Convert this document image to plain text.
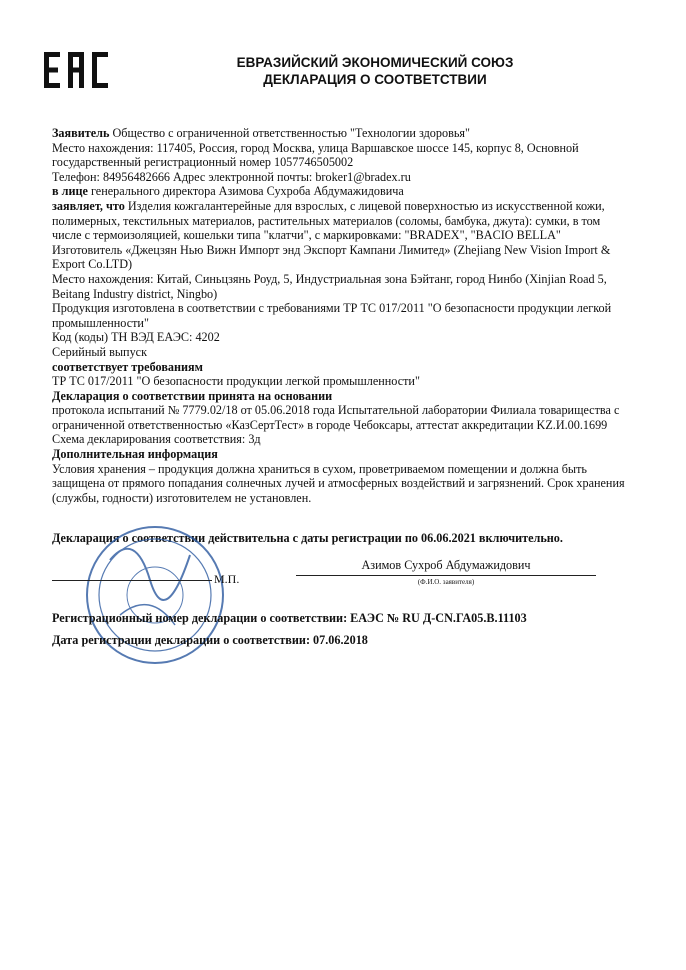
ЕВРАЗИЙСКИЙ ЭКОНОМИЧЕСКИЙ СОЮЗ
ДЕКЛАРАЦИЯ О СООТВЕТСТВИИ

Заявитель Общество с ограниченной ответственностью "Технологии здоровья"

Место нахождения: 117405, Россия, город Москва, улица Варшавское шоссе 145, корпус 8, Основной государственный регистрационный номер 1057746505002

Телефон: 84956482666 Адрес электронной почты: broker1@bradex.ru

в лице генерального директора Азимова Сухроба Абдумажидовича

заявляет, что Изделия кожгалантерейные для взрослых, с лицевой поверхностью из искусственной кожи, полимерных, текстильных материалов, растительных материалов (соломы, бамбука, джута): сумки, в том числе с термоизоляцией, кошельки типа "клатчи", с маркировками: "BRADEX", "BACIO BELLA"

Изготовитель «Джецзян Нью Вижн Импорт энд Экспорт Кампани Лимитед» (Zhejiang New Vision Import & Export Co.LTD)

Место нахождения: Китай, Синьцзянь Роуд, 5, Индустриальная зона Бэйтанг, город Нинбо (Xinjian Road 5, Beitang Industry district, Ningbo)

Продукция изготовлена в соответствии с требованиями ТР ТС 017/2011 "О безопасности продукции легкой промышленности"

Код (коды) ТН ВЭД ЕАЭС: 4202

Серийный выпуск

соответствует требованиям

ТР ТС 017/2011 "О безопасности продукции легкой промышленности"

Декларация о соответствии принята на основании

протокола испытаний № 7779.02/18 от 05.06.2018 года Испытательной лаборатории Филиала товарищества с ограниченной ответственностью «КазСертТест» в городе Чебоксары, аттестат аккредитации KZ.И.00.1699

Схема декларирования соответствия: 3д

Дополнительная информация

Условия хранения – продукция должна храниться в сухом, проветриваемом помещении и должна быть защищена от прямого попадания солнечных лучей и атмосферных воздействий и загрязнений. Срок хранения (службы, годности) изготовителем не установлен.

Декларация о соответствии действительна с даты регистрации по 06.06.2021 включительно.
М.П.
Азимов Сухроб Абдумажидович
(Ф.И.О. заявителя)
Регистрационный номер декларации о соответствии: ЕАЭС № RU Д-CN.ГА05.В.11103
Дата регистрации декларации о соответствии: 07.06.2018
